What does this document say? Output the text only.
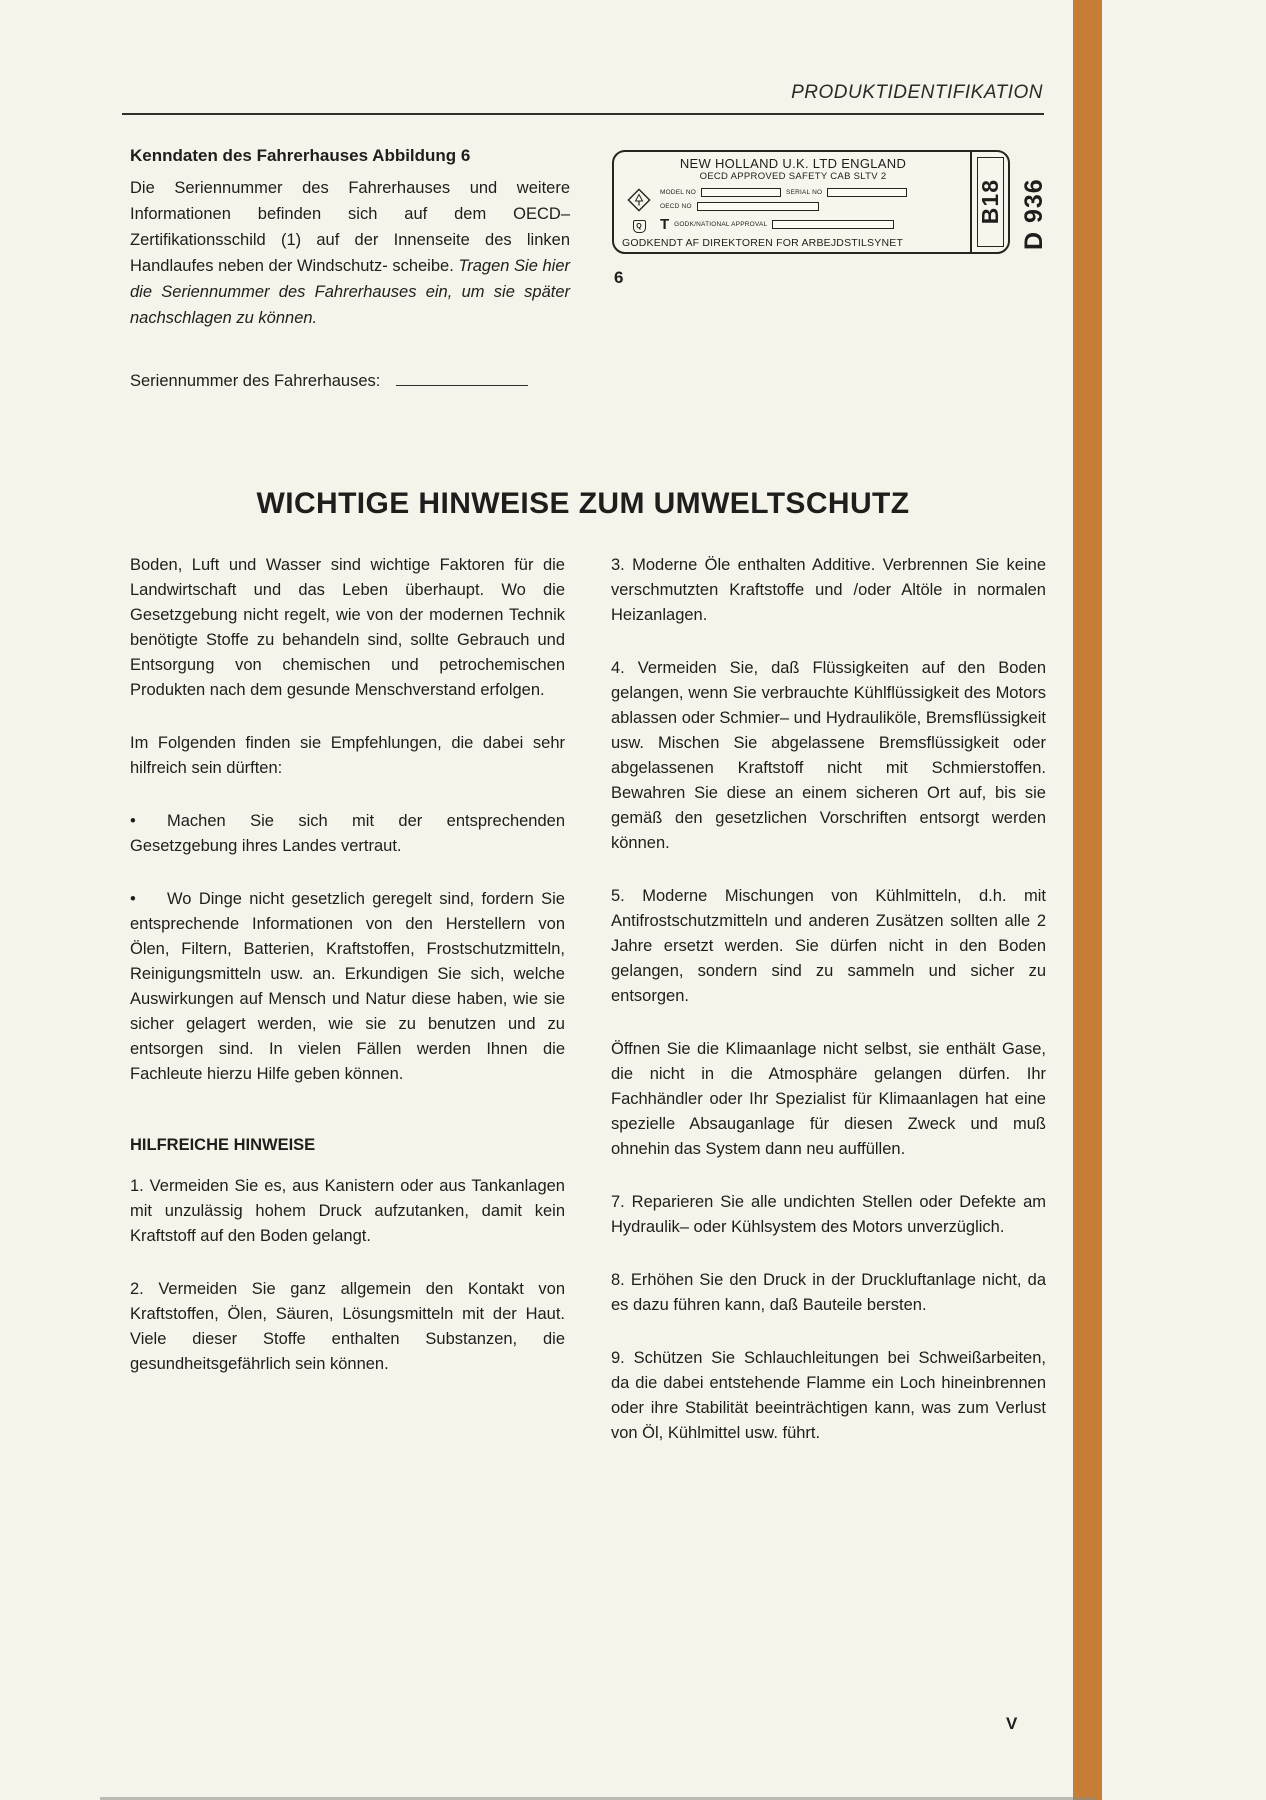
PRODUKTIDENTIFIKATION
Kenndaten des Fahrerhauses Abbildung 6

Die Seriennummer des Fahrerhauses und weitere Informationen befinden sich auf dem OECD–Zertifikationsschild (1) auf der Innenseite des linken Handlaufes neben der Windschutz- scheibe. Tragen Sie hier die Seriennummer des Fahrerhauses ein, um sie später nachschlagen zu können.

Seriennummer des Fahrerhauses:
NEW HOLLAND U.K. LTD ENGLAND
OECD APPROVED SAFETY CAB SLTV 2
Q
MODEL NO	SERIAL NO
OECD NO
T GODK/NATIONAL APPROVAL
GODKENDT AF DIREKTOREN FOR ARBEJDSTILSYNET
B18 D 936
6
WICHTIGE HINWEISE ZUM UMWELTSCHUTZ

Boden, Luft und Wasser sind wichtige Faktoren für die Landwirtschaft und das Leben überhaupt. Wo die Gesetzgebung nicht regelt, wie von der modernen Technik benötigte Stoffe zu behandeln sind, sollte Gebrauch und Entsorgung von chemischen und petrochemischen Produkten nach dem gesunde Menschverstand erfolgen.

Im Folgenden finden sie Empfehlungen, die dabei sehr hilfreich sein dürften:

• Machen Sie sich mit der entsprechenden Gesetzgebung ihres Landes vertraut.

• Wo Dinge nicht gesetzlich geregelt sind, fordern Sie entsprechende Informationen von den Herstellern von Ölen, Filtern, Batterien, Kraftstoffen, Frostschutzmitteln, Reinigungsmitteln usw. an. Erkundigen Sie sich, welche Auswirkungen auf Mensch und Natur diese haben, wie sie sicher gelagert werden, wie sie zu benutzen und zu entsorgen sind. In vielen Fällen werden Ihnen die Fachleute hierzu Hilfe geben können.

HILFREICHE HINWEISE

1. Vermeiden Sie es, aus Kanistern oder aus Tankanlagen mit unzulässig hohem Druck aufzutanken, damit kein Kraftstoff auf den Boden gelangt.

2. Vermeiden Sie ganz allgemein den Kontakt von Kraftstoffen, Ölen, Säuren, Lösungsmitteln mit der Haut. Viele dieser Stoffe enthalten Substanzen, die gesundheitsgefährlich sein können.

3. Moderne Öle enthalten Additive. Verbrennen Sie keine verschmutzten Kraftstoffe und /oder Altöle in normalen Heizanlagen.

4. Vermeiden Sie, daß Flüssigkeiten auf den Boden gelangen, wenn Sie verbrauchte Kühlflüssigkeit des Motors ablassen oder Schmier– und Hydrauliköle, Bremsflüssigkeit usw. Mischen Sie abgelassene Bremsflüssigkeit oder abgelassenen Kraftstoff nicht mit Schmierstoffen. Bewahren Sie diese an einem sicheren Ort auf, bis sie gemäß den gesetzlichen Vorschriften entsorgt werden können.

5. Moderne Mischungen von Kühlmitteln, d.h. mit Antifrostschutzmitteln und anderen Zusätzen sollten alle 2 Jahre ersetzt werden. Sie dürfen nicht in den Boden gelangen, sondern sind zu sammeln und sicher zu entsorgen.

Öffnen Sie die Klimaanlage nicht selbst, sie enthält Gase, die nicht in die Atmosphäre gelangen dürfen. Ihr Fachhändler oder Ihr Spezialist für Klimaanlagen hat eine spezielle Absauganlage für diesen Zweck und muß ohnehin das System dann neu auffüllen.

7. Reparieren Sie alle undichten Stellen oder Defekte am Hydraulik– oder Kühlsystem des Motors unverzüglich.

8. Erhöhen Sie den Druck in der Druckluftanlage nicht, da es dazu führen kann, daß Bauteile bersten.

9. Schützen Sie Schlauchleitungen bei Schweißarbeiten, da die dabei entstehende Flamme ein Loch hineinbrennen oder ihre Stabilität beeinträchtigen kann, was zum Verlust von Öl, Kühlmittel usw. führt.

V
